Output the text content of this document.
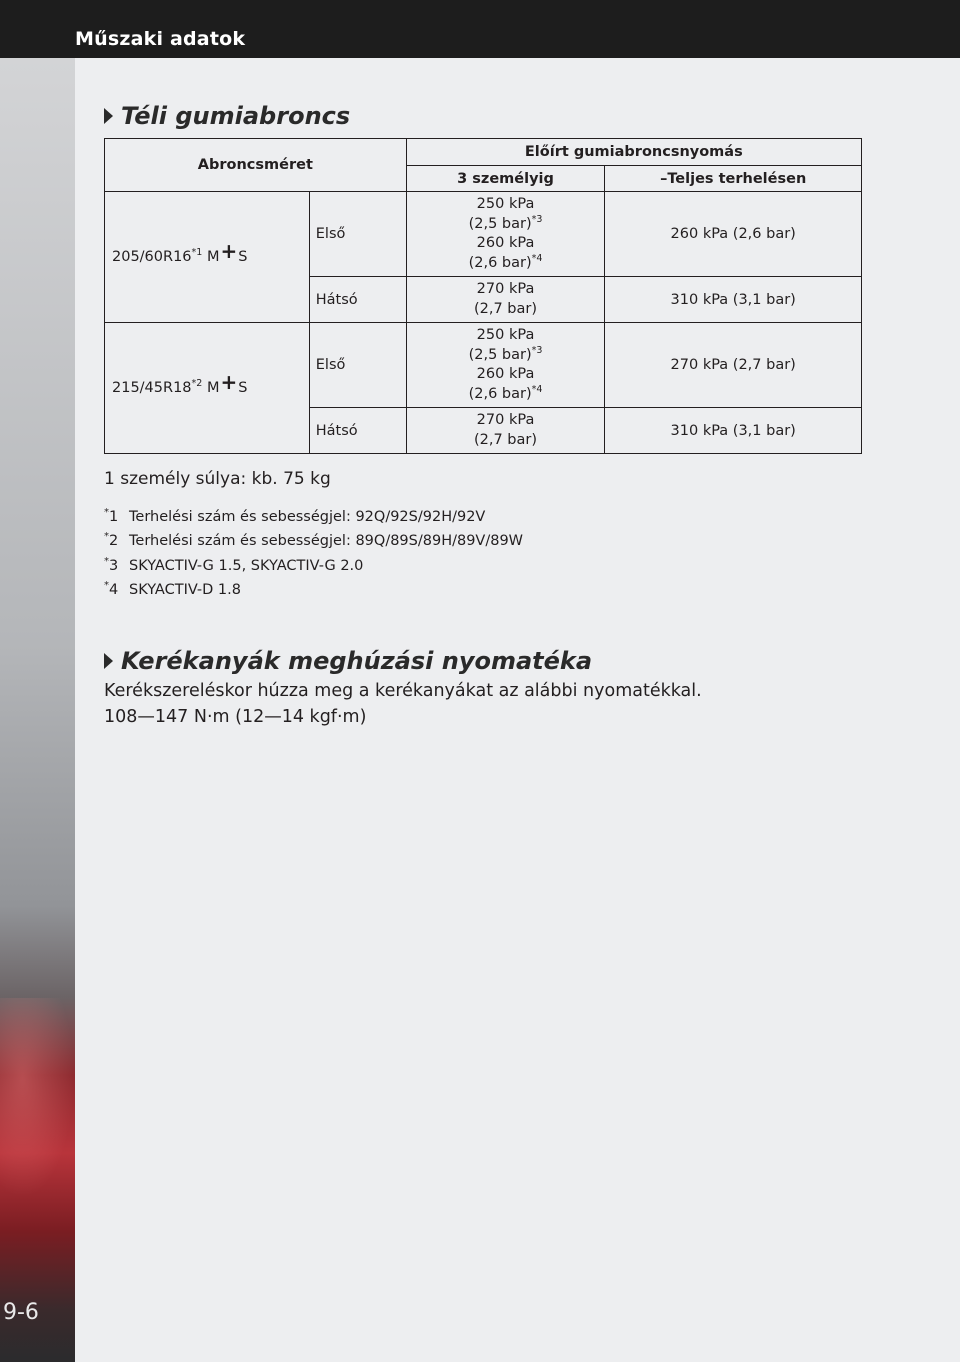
Műszaki adatok
9-6
Téli gumiabroncs
Abroncsméret		Előírt gumiabroncsnyomás	
		3 személyig	–Teljes terhelésen
205/60R16$^{*1}$ M+S	Első	250 kPa
(2,5 bar)$^{*3}$
260 kPa
(2,6 bar)$^{*4}$	260 kPa (2,6 bar)
	Hátsó	270 kPa
(2,7 bar)	310 kPa (3,1 bar)
215/45R18$^{*2}$ M+S	Első	250 kPa
(2,5 bar)$^{*3}$
260 kPa
(2,6 bar)$^{*4}$	270 kPa (2,7 bar)
	Hátsó	270 kPa
(2,7 bar)	310 kPa (3,1 bar)
1 személy súlya: kb. 75 kg
*1 Terhelési szám és sebességjel: 92Q/92S/92H/92V
*2 Terhelési szám és sebességjel: 89Q/89S/89H/89V/89W
*3 SKYACTIV-G 1.5, SKYACTIV-G 2.0
*4 SKYACTIV-D 1.8
Kerékanyák meghúzási nyomatéka
Kerékszereléskor húzza meg a kerékanyákat az alábbi nyomatékkal.
108—147 N·m (12—14 kgf·m)
